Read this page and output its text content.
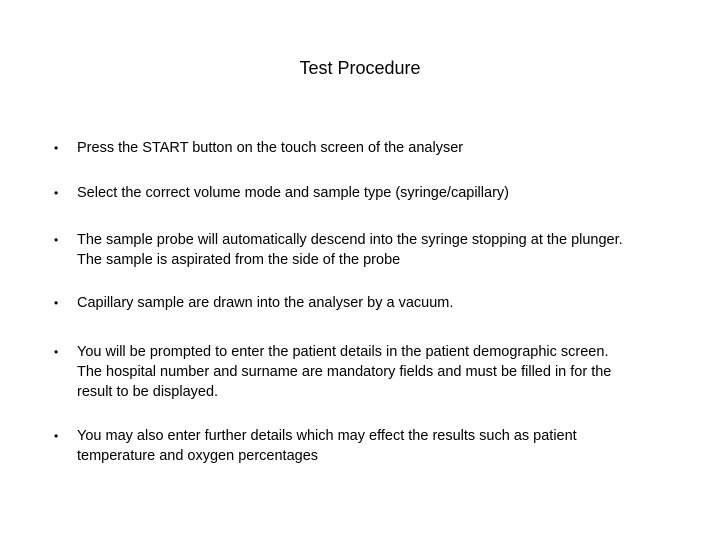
Test Procedure
•	Press the START button on the touch screen of the analyser
•	Select the correct volume mode and sample type (syringe/capillary)
•	The sample probe will automatically descend into the syringe stopping at the plunger.
The sample is aspirated from the side of the probe
•	Capillary sample are drawn into the analyser by a vacuum.
•	You will be prompted to enter the patient details in the patient demographic screen.
The hospital number and surname are mandatory fields and must be filled in for the
result to be displayed.
•	You may also enter further details which may effect the results such as patient
temperature and oxygen percentages
